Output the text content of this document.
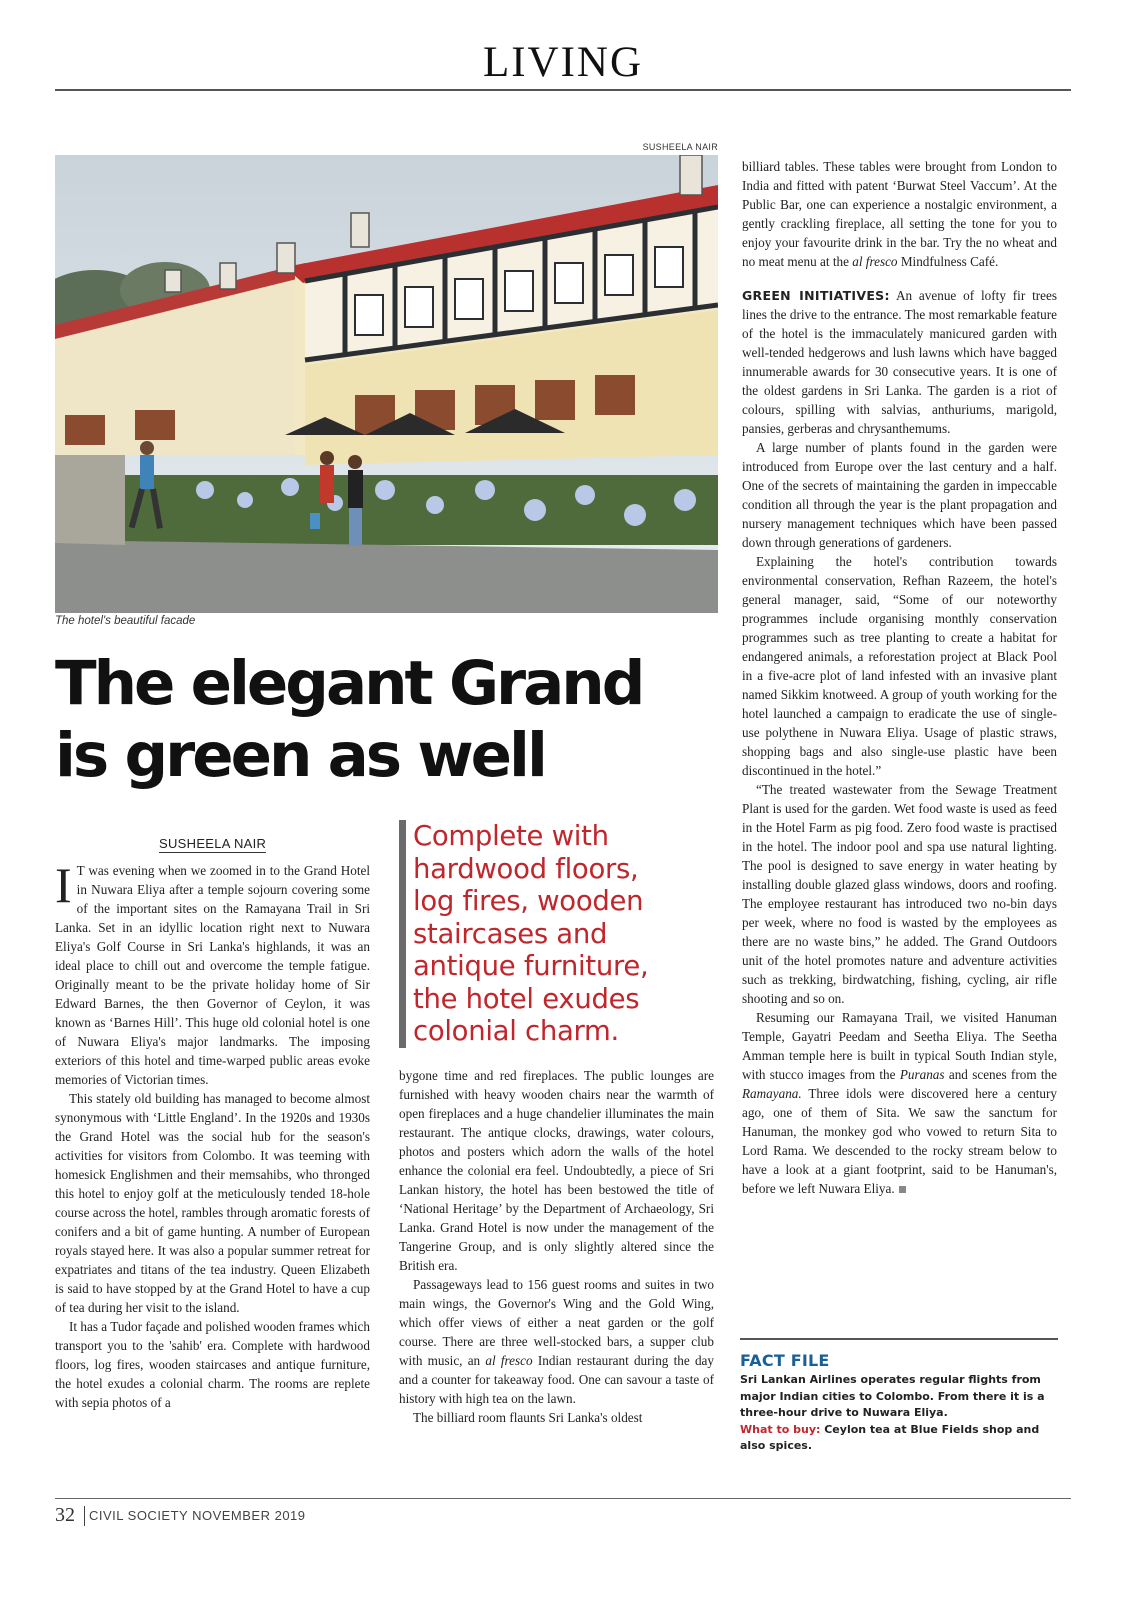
LIVING
SUSHEELA NAIR
The hotel's beautiful facade
The elegant Grand
is green as well
SUSHEELA NAIR

I T was evening when we zoomed in to the Grand Hotel in Nuwara Eliya after a temple sojourn covering some of the important sites on the Ramayana Trail in Sri Lanka. Set in an idyllic location right next to Nuwara Eliya's Golf Course in Sri Lanka's highlands, it was an ideal place to chill out and overcome the temple fatigue. Originally meant to be the private holiday home of Sir Edward Barnes, the then Governor of Ceylon, it was known as ‘Barnes Hill’. This huge old colonial hotel is one of Nuwara Eliya's major landmarks. The imposing exteriors of this hotel and time-warped public areas evoke memories of Victorian times.

This stately old building has managed to become almost synonymous with ‘Little England’. In the 1920s and 1930s the Grand Hotel was the social hub for the season's activities for visitors from Colombo. It was teeming with homesick Englishmen and their memsahibs, who thronged this hotel to enjoy golf at the meticulously tended 18-hole course across the hotel, rambles through aromatic forests of conifers and a bit of game hunting. A number of European royals stayed here. It was also a popular summer retreat for expatriates and titans of the tea industry. Queen Elizabeth is said to have stopped by at the Grand Hotel to have a cup of tea during her visit to the island.

It has a Tudor façade and polished wooden frames which transport you to the 'sahib' era. Complete with hardwood floors, log fires, wooden staircases and antique furniture, the hotel exudes a colonial charm. The rooms are replete with sepia photos of a

Complete with
hardwood floors,
log fires, wooden
staircases and
antique furniture,
the hotel exudes
colonial charm.

bygone time and red fireplaces. The public lounges are furnished with heavy wooden chairs near the warmth of open fireplaces and a huge chandelier illuminates the main restaurant. The antique clocks, drawings, water colours, photos and posters which adorn the walls of the hotel enhance the colonial era feel. Undoubtedly, a piece of Sri Lankan history, the hotel has been bestowed the title of ‘National Heritage’ by the Department of Archaeology, Sri Lanka. Grand Hotel is now under the management of the Tangerine Group, and is only slightly altered since the British era.

Passageways lead to 156 guest rooms and suites in two main wings, the Governor's Wing and the Gold Wing, which offer views of either a neat garden or the golf course. There are three well-stocked bars, a supper club with music, an al fresco Indian restaurant during the day and a counter for takeaway food. One can savour a taste of history with high tea on the lawn.

The billiard room flaunts Sri Lanka's oldest

billiard tables. These tables were brought from London to India and fitted with patent ‘Burwat Steel Vaccum’. At the Public Bar, one can experience a nostalgic environment, a gently crackling fireplace, all setting the tone for you to enjoy your favourite drink in the bar. Try the no wheat and no meat menu at the al fresco Mindfulness Café.

GREEN INITIATIVES: An avenue of lofty fir trees lines the drive to the entrance. The most remarkable feature of the hotel is the immaculately manicured garden with well-tended hedgerows and lush lawns which have bagged innumerable awards for 30 consecutive years. It is one of the oldest gardens in Sri Lanka. The garden is a riot of colours, spilling with salvias, anthuriums, marigold, pansies, gerberas and chrysanthemums.

A large number of plants found in the garden were introduced from Europe over the last century and a half. One of the secrets of maintaining the garden in impeccable condition all through the year is the plant propagation and nursery management techniques which have been passed down through generations of gardeners.

Explaining the hotel's contribution towards environmental conservation, Refhan Razeem, the hotel's general manager, said, “Some of our noteworthy programmes include organising monthly conservation programmes such as tree planting to create a habitat for endangered animals, a reforestation project at Black Pool in a five-acre plot of land infested with an invasive plant named Sikkim knotweed. A group of youth working for the hotel launched a campaign to eradicate the use of single-use polythene in Nuwara Eliya. Usage of plastic straws, shopping bags and also single-use plastic have been discontinued in the hotel.”

“The treated wastewater from the Sewage Treatment Plant is used for the garden. Wet food waste is used as feed in the Hotel Farm as pig food. Zero food waste is practised in the hotel. The indoor pool and spa use natural lighting. The pool is designed to save energy in water heating by installing double glazed glass windows, doors and roofing. The employee restaurant has introduced two no-bin days per week, where no food is wasted by the employees as there are no waste bins,” he added. The Grand Outdoors unit of the hotel promotes nature and adventure activities such as trekking, birdwatching, fishing, cycling, air rifle shooting and so on.

Resuming our Ramayana Trail, we visited Hanuman Temple, Gayatri Peedam and Seetha Eliya. The Seetha Amman temple here is built in typical South Indian style, with stucco images from the Puranas and scenes from the Ramayana. Three idols were discovered here a century ago, one of them of Sita. We saw the sanctum for Hanuman, the monkey god who vowed to return Sita to Lord Rama. We descended to the rocky stream below to have a look at a giant footprint, said to be Hanuman's, before we left Nuwara Eliya.

FACT FILE

Sri Lankan Airlines operates regular flights from major Indian cities to Colombo. From there it is a three-hour drive to Nuwara Eliya.

What to buy: Ceylon tea at Blue Fields shop and also spices.

32 CIVIL SOCIETY NOVEMBER 2019
